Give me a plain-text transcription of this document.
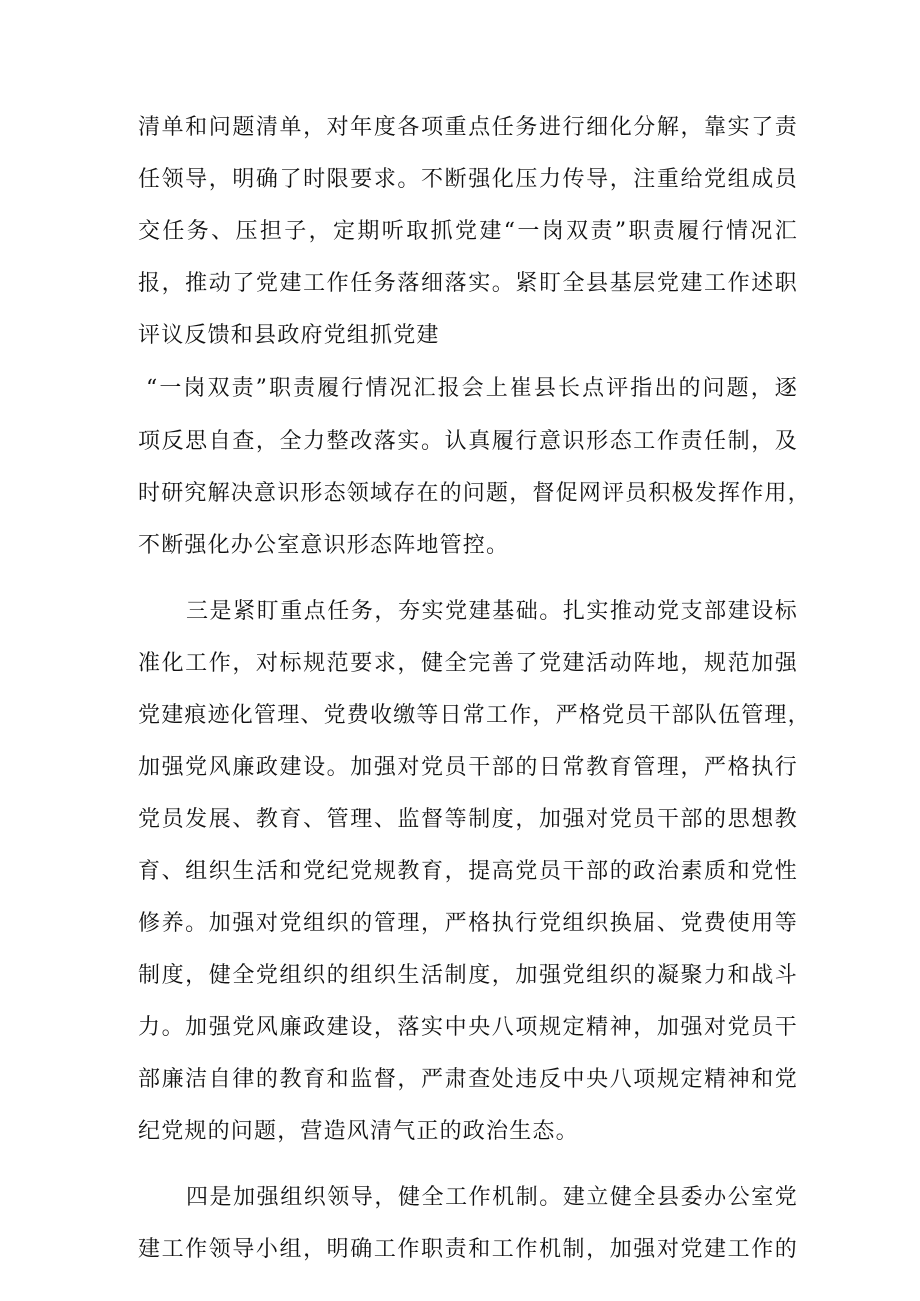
清单和问题清单，对年度各项重点任务进行细化分解，靠实了责
任领导，明确了时限要求。不断强化压力传导，注重给党组成员
交任务、压担子，定期听取抓党建“一岗双责”职责履行情况汇
报，推动了党建工作任务落细落实。紧盯全县基层党建工作述职
评议反馈和县政府党组抓党建
“一岗双责”职责履行情况汇报会上崔县长点评指出的问题，逐
项反思自查，全力整改落实。认真履行意识形态工作责任制，及
时研究解决意识形态领域存在的问题，督促网评员积极发挥作用，
不断强化办公室意识形态阵地管控。
三是紧盯重点任务，夯实党建基础。扎实推动党支部建设标
准化工作，对标规范要求，健全完善了党建活动阵地，规范加强
党建痕迹化管理、党费收缴等日常工作，严格党员干部队伍管理，
加强党风廉政建设。加强对党员干部的日常教育管理，严格执行
党员发展、教育、管理、监督等制度，加强对党员干部的思想教
育、组织生活和党纪党规教育，提高党员干部的政治素质和党性
修养。加强对党组织的管理，严格执行党组织换届、党费使用等
制度，健全党组织的组织生活制度，加强党组织的凝聚力和战斗
力。加强党风廉政建设，落实中央八项规定精神，加强对党员干
部廉洁自律的教育和监督，严肃查处违反中央八项规定精神和党
纪党规的问题，营造风清气正的政治生态。
四是加强组织领导，健全工作机制。建立健全县委办公室党
建工作领导小组，明确工作职责和工作机制，加强对党建工作的
